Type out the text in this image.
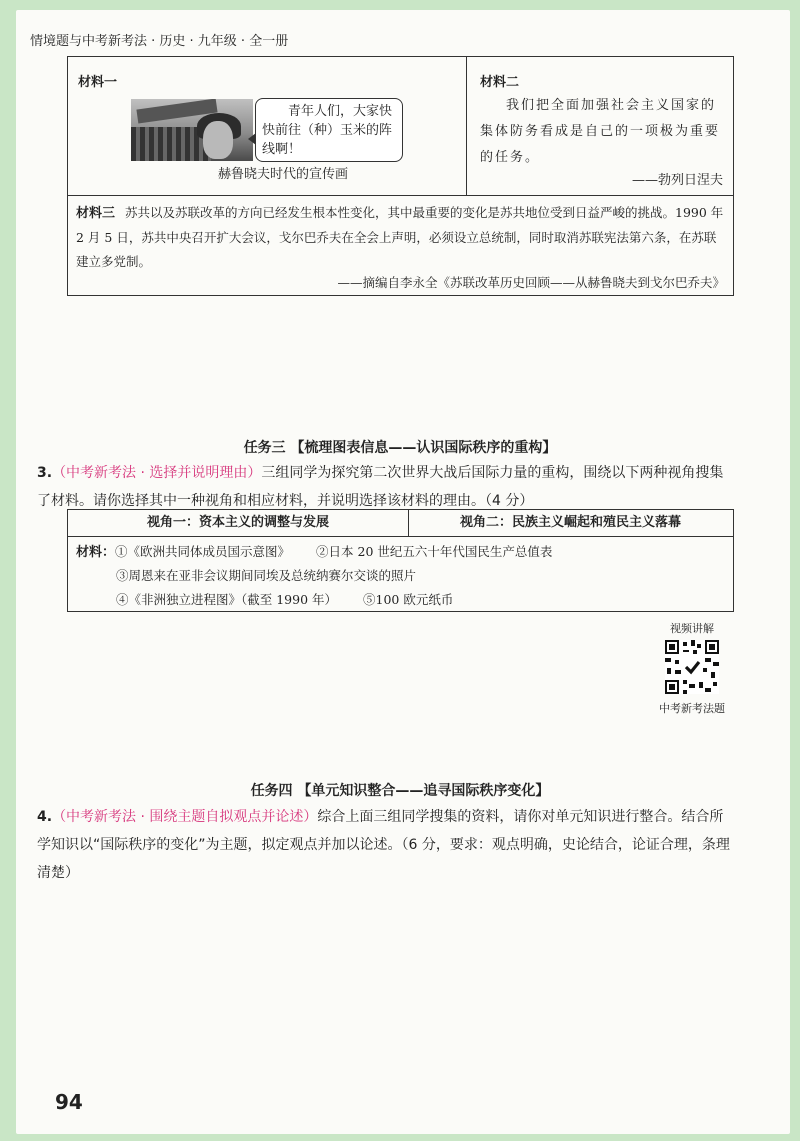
情境题与中考新考法 · 历史 · 九年级 · 全一册
材料一
青年人们，大家快快前往（种）玉米的阵线啊！
赫鲁晓夫时代的宣传画
材料二
我们把全面加强社会主义国家的集体防务看成是自己的一项极为重要的任务。
——勃列日涅夫
材料三 苏共以及苏联改革的方向已经发生根本性变化，其中最重要的变化是苏共地位受到日益严峻的挑战。1990 年 2 月 5 日，苏共中央召开扩大会议，戈尔巴乔夫在全会上声明，必须设立总统制，同时取消苏联宪法第六条，在苏联建立多党制。
——摘编自李永全《苏联改革历史回顾——从赫鲁晓夫到戈尔巴乔夫》
任务三 【梳理图表信息——认识国际秩序的重构】
3.（中考新考法 · 选择并说明理由）三组同学为探究第二次世界大战后国际力量的重构，围绕以下两种视角搜集了材料。请你选择其中一种视角和相应材料，并说明选择该材料的理由。（4 分）
视角一：资本主义的调整与发展	视角二：民族主义崛起和殖民主义落幕
材料：①《欧洲共同体成员国示意图》 ②日本 20 世纪五六十年代国民生产总值表
③周恩来在亚非会议期间同埃及总统纳赛尔交谈的照片
④《非洲独立进程图》（截至 1990 年） ⑤100 欧元纸币
视频讲解
中考新考法题
任务四 【单元知识整合——追寻国际秩序变化】
4.（中考新考法 · 围绕主题自拟观点并论述）综合上面三组同学搜集的资料，请你对单元知识进行整合。结合所学知识以“国际秩序的变化”为主题，拟定观点并加以论述。（6 分，要求：观点明确，史论结合，论证合理，条理清楚）
94
